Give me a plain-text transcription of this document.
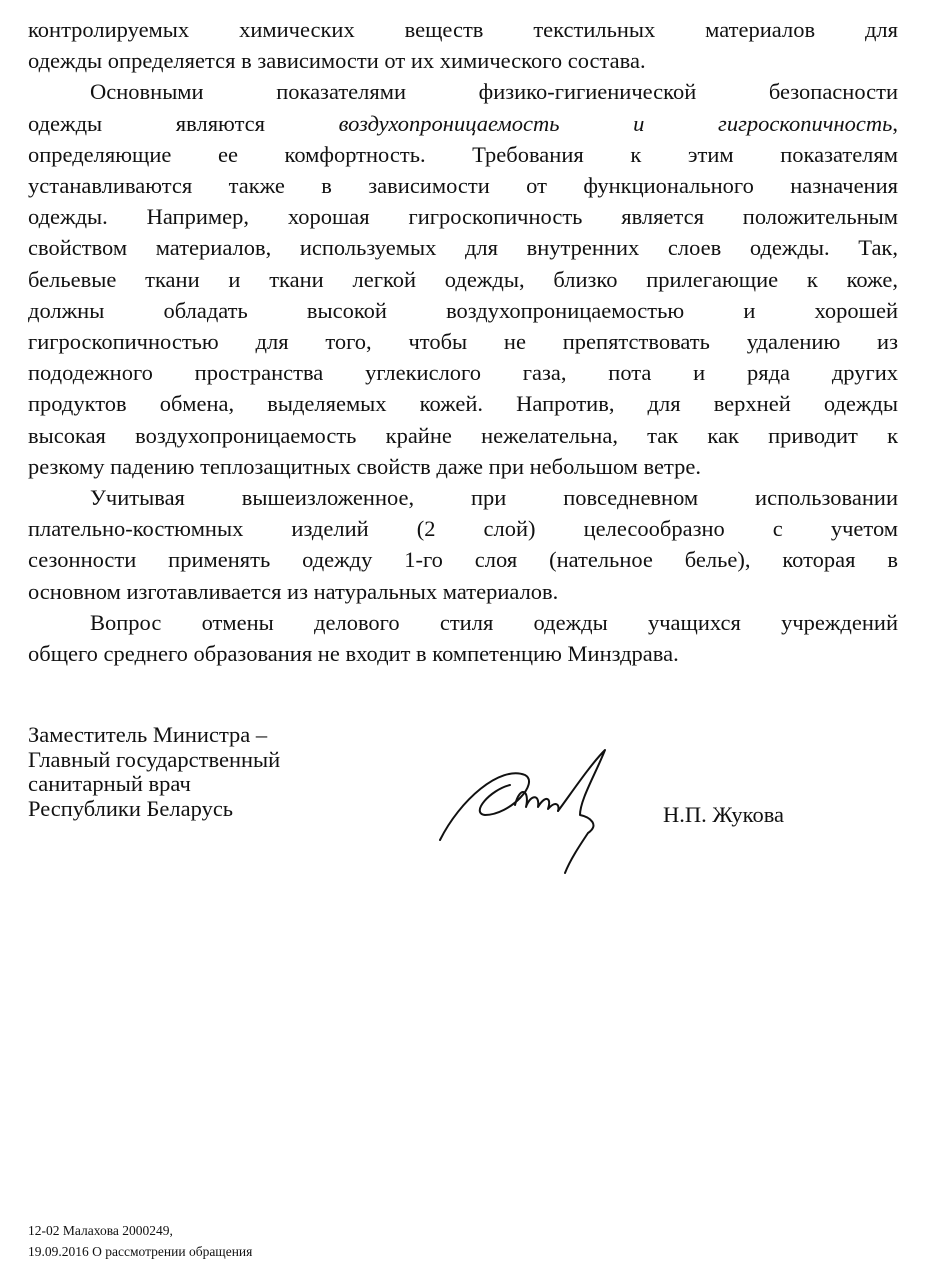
контролируемых химических веществ текстильных материалов для
одежды определяется в зависимости от их химического состава.
Основными показателями физико-гигиенической безопасности
одежды являются воздухопроницаемость и гигроскопичность,
определяющие ее комфортность. Требования к этим показателям
устанавливаются также в зависимости от функционального назначения
одежды. Например, хорошая гигроскопичность является положительным
свойством материалов, используемых для внутренних слоев одежды. Так,
бельевые ткани и ткани легкой одежды, близко прилегающие к коже,
должны обладать высокой воздухопроницаемостью и хорошей
гигроскопичностью для того, чтобы не препятствовать удалению из
пододежного пространства углекислого газа, пота и ряда других
продуктов обмена, выделяемых кожей. Напротив, для верхней одежды
высокая воздухопроницаемость крайне нежелательна, так как приводит к
резкому падению теплозащитных свойств даже при небольшом ветре.
Учитывая вышеизложенное, при повседневном использовании
плательно-костюмных изделий (2 слой) целесообразно с учетом
сезонности применять одежду 1-го слоя (нательное белье), которая в
основном изготавливается из натуральных материалов.
Вопрос отмены делового стиля одежды учащихся учреждений
общего среднего образования не входит в компетенцию Минздрава.
Заместитель Министра –
Главный государственный
санитарный врач
Республики Беларусь	Н.П. Жукова
12-02 Малахова 2000249,
19.09.2016 О рассмотрении обращения
